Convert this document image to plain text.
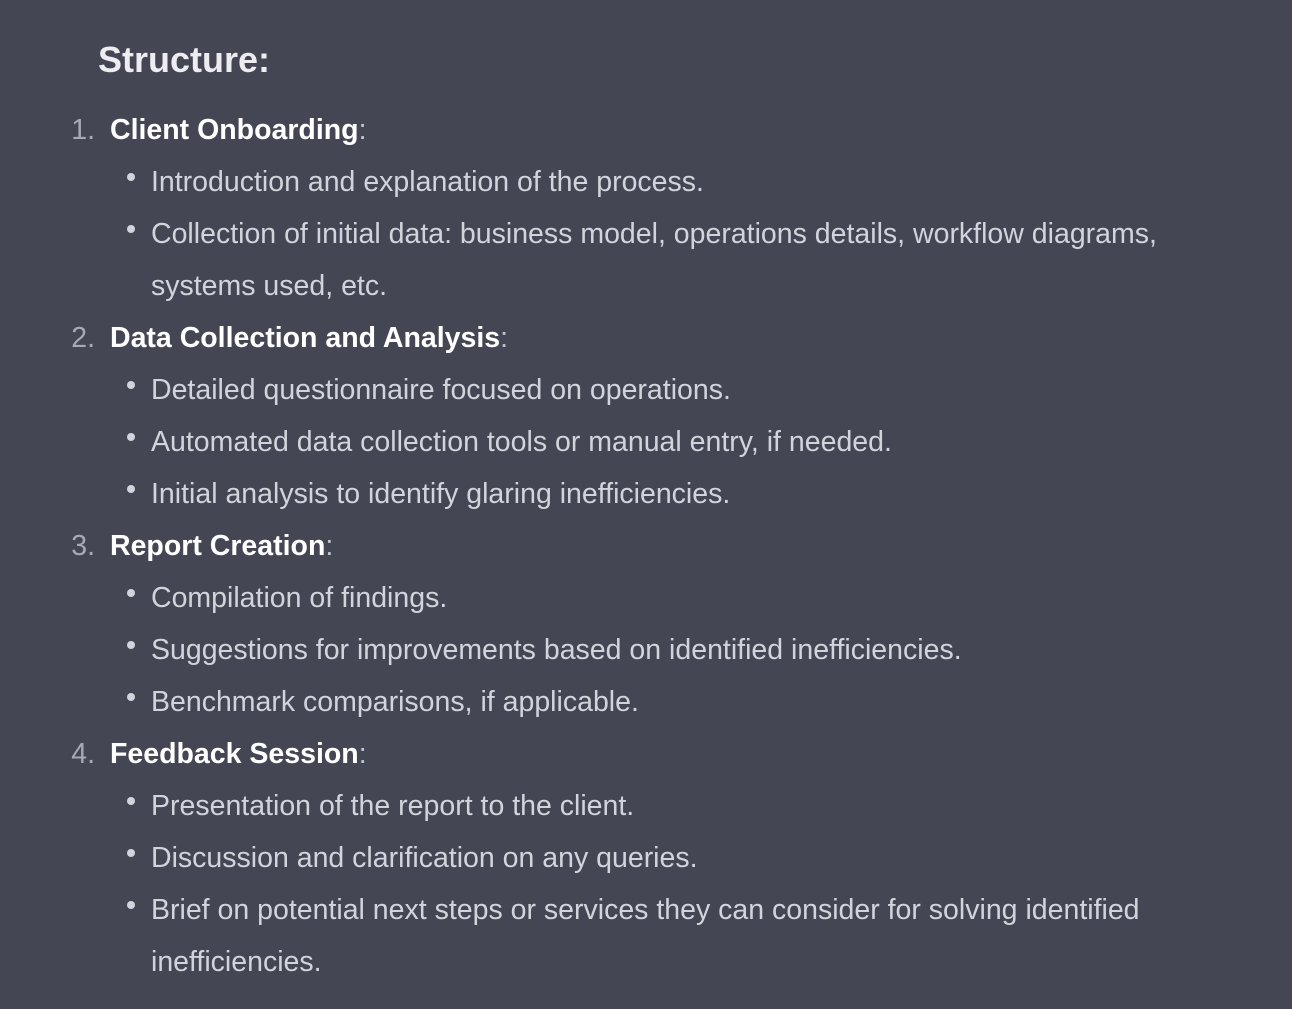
Structure:
1. Client Onboarding:
Introduction and explanation of the process.
Collection of initial data: business model, operations details, workflow diagrams, systems used, etc.
2. Data Collection and Analysis:
Detailed questionnaire focused on operations.
Automated data collection tools or manual entry, if needed.
Initial analysis to identify glaring inefficiencies.
3. Report Creation:
Compilation of findings.
Suggestions for improvements based on identified inefficiencies.
Benchmark comparisons, if applicable.
4. Feedback Session:
Presentation of the report to the client.
Discussion and clarification on any queries.
Brief on potential next steps or services they can consider for solving identified inefficiencies.
